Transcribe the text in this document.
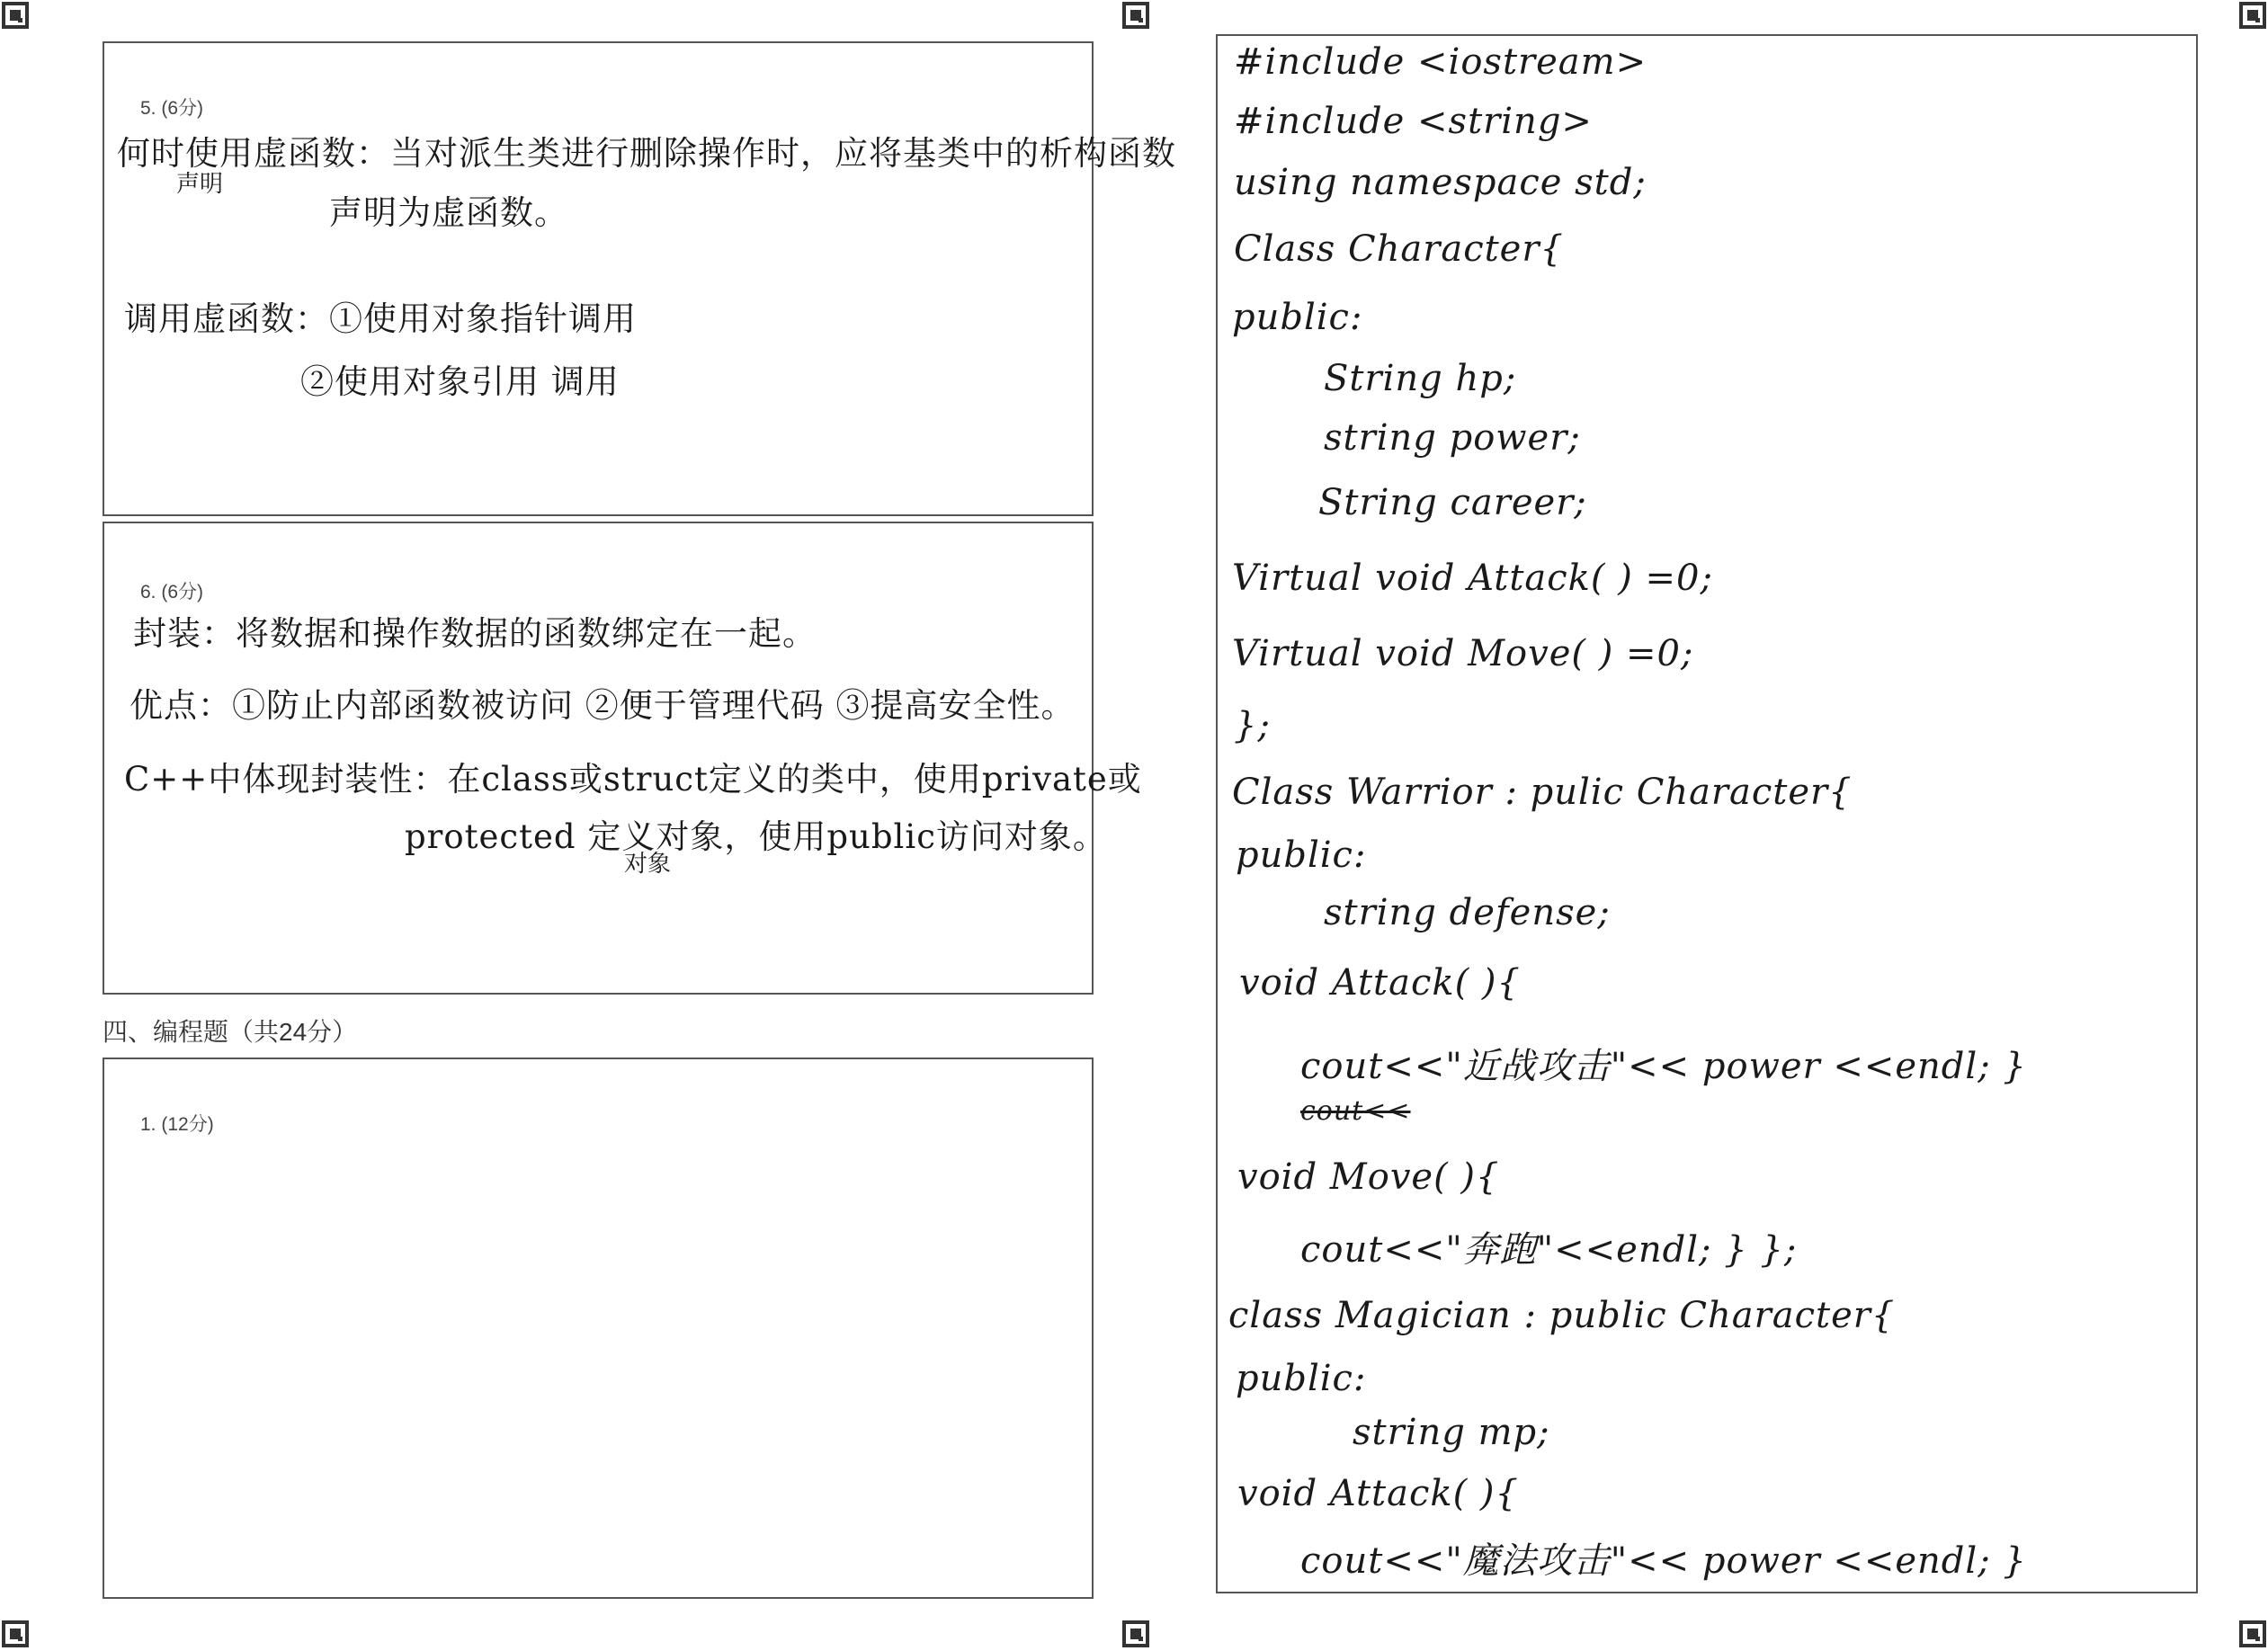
5. (6分)
何时使用虚函数：当对派生类进行删除操作时，应将基类中的析构函数
声明
声明为虚函数。
调用虚函数：①使用对象指针调用
②使用对象引用 调用
6. (6分)
封装：将数据和操作数据的函数绑定在一起。
优点：①防止内部函数被访问 ②便于管理代码 ③提高安全性。
C++中体现封装性：在class或struct定义的类中，使用private或
protected 定义对象，使用public访问对象。
对象
四、编程题（共24分）
1. (12分)
#include <iostream>
#include <string>
using namespace std;
Class Character{
public:
String hp;
string power;
String career;
Virtual void Attack( ) =0;
Virtual void Move( ) =0;
};
Class Warrior : pulic Character{
public:
string defense;
void Attack( ){
cout<<"近战攻击"<< power <<endl; }
cout<<
void Move( ){
cout<<"奔跑"<<endl; } };
class Magician : public Character{
public:
string mp;
void Attack( ){
cout<<"魔法攻击"<< power <<endl; }
